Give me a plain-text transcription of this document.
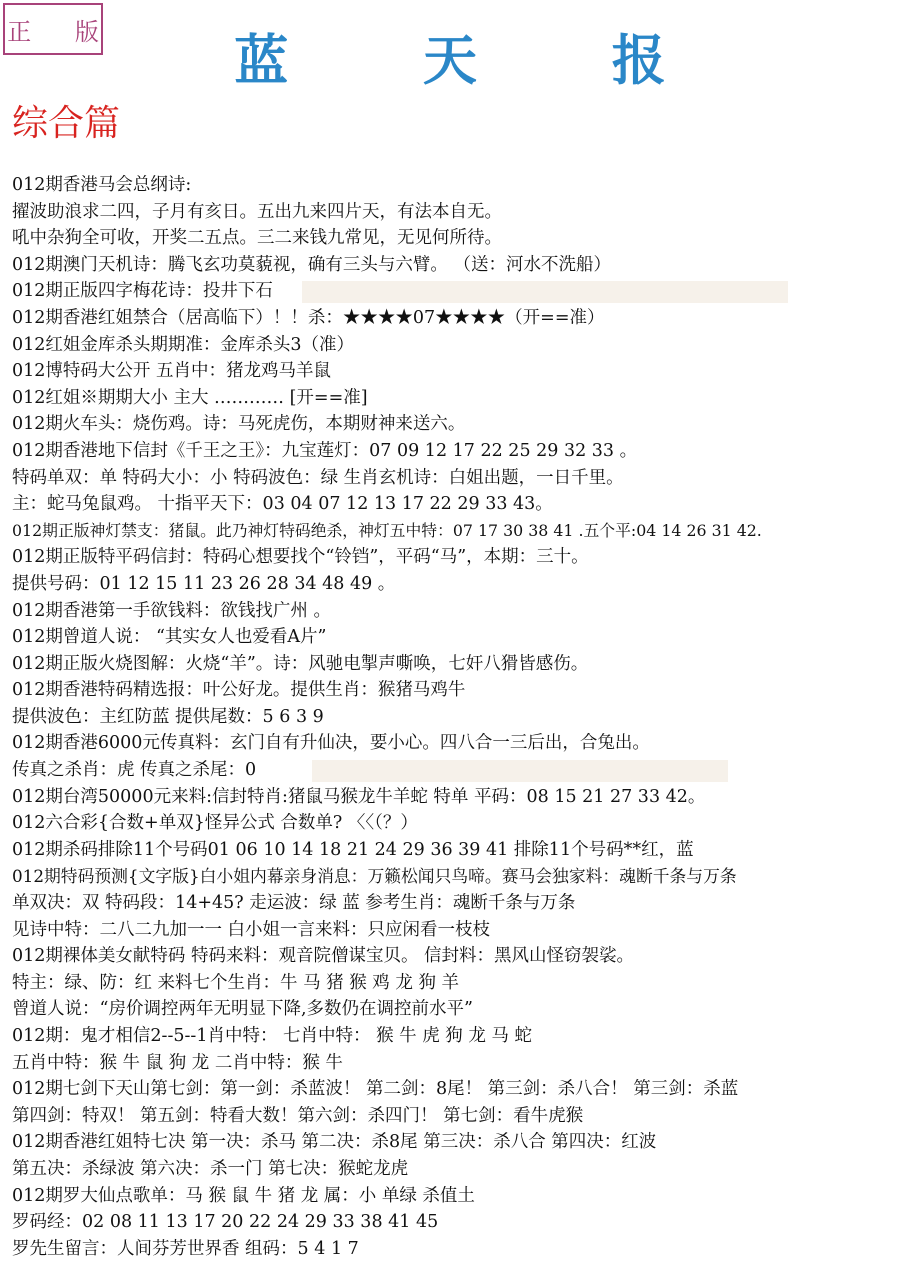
正 版	蓝 天 报
综合篇
012期香港马会总纲诗:
擢波助浪求二四，子月有亥日。五出九来四片天，有法本自无。
吼中杂狗全可收，开奖二五点。三二来钱九常见，无见何所待。
012期澳门天机诗：腾飞玄功莫藐视，确有三头与六臂。 （送：河水不洗船）
012期正版四字梅花诗：投井下石
012期香港红姐禁合（居高临下）！！杀：★★★★07★★★★（开==准）
012红姐金库杀头期期准：金库杀头3（准）
012博特码大公开 五肖中：猪龙鸡马羊鼠
012红姐※期期大小 主大 ………… [开==准]
012期火车头：烧伤鸡。诗：马死虎伤，本期财神来送六。
012期香港地下信封《千王之王》：九宝莲灯：07 09 12 17 22 25 29 32 33 。
特码单双：单 特码大小：小 特码波色：绿 生肖玄机诗：白姐出题，一日千里。
主：蛇马兔鼠鸡。 十指平天下：03 04 07 12 13 17 22 29 33 43。
012期正版神灯禁支：猪鼠。此乃神灯特码绝杀，神灯五中特：07 17 30 38 41 .五个平:04 14 26 31 42.
012期正版特平码信封：特码心想要找个“铃铛”，平码“马”，本期：三十。
提供号码：01 12 15 11 23 26 28 34 48 49 。
012期香港第一手欲钱料：欲钱找广州 。
012期曾道人说： “其实女人也爱看A片”
012期正版火烧图解：火烧“羊”。诗：风驰电掣声嘶唤，七奸八猾皆感伤。
012期香港特码精选报：叶公好龙。提供生肖：猴猪马鸡牛
提供波色：主红防蓝 提供尾数：5 6 3 9
012期香港6000元传真料：玄门自有升仙决，要小心。四八合一三后出，合兔出。
传真之杀肖：虎 传真之杀尾：0
012期台湾50000元来料:信封特肖:猪鼠马猴龙牛羊蛇 特单 平码：08 15 21 27 33 42。
012六合彩{合数+单双}怪异公式 合数单? 〈〈（？）
012期杀码排除11个号码01 06 10 14 18 21 24 29 36 39 41 排除11个号码**红，蓝
012期特码预测{文字版}白小姐内幕亲身消息：万籁松闻只鸟啼。赛马会独家料：魂断千条与万条
单双决：双 特码段：14+45? 走运波：绿 蓝 参考生肖：魂断千条与万条
见诗中特：二八二九加一一 白小姐一言来料：只应闲看一枝枝
012期裸体美女献特码 特码来料：观音院僧谋宝贝。 信封料：黑风山怪窃袈裟。
特主：绿、防：红 来料七个生肖：牛 马 猪 猴 鸡 龙 狗 羊
曾道人说：“房价调控两年无明显下降,多数仍在调控前水平”
012期：鬼才相信2--5--1肖中特： 七肖中特： 猴 牛 虎 狗 龙 马 蛇
五肖中特：猴 牛 鼠 狗 龙 二肖中特：猴 牛
012期七剑下天山第七剑：第一剑：杀蓝波！ 第二剑：8尾！ 第三剑：杀八合！ 第三剑：杀蓝
第四剑：特双！ 第五剑：特看大数！第六剑：杀四门！ 第七剑：看牛虎猴
012期香港红姐特七决 第一决：杀马 第二决：杀8尾 第三决：杀八合 第四决：红波
第五决：杀绿波 第六决：杀一门 第七决：猴蛇龙虎
012期罗大仙点歌单：马 猴 鼠 牛 猪 龙 属：小 单绿 杀值土
罗码经：02 08 11 13 17 20 22 24 29 33 38 41 45
罗先生留言：人间芬芳世界香 组码：5 4 1 7
